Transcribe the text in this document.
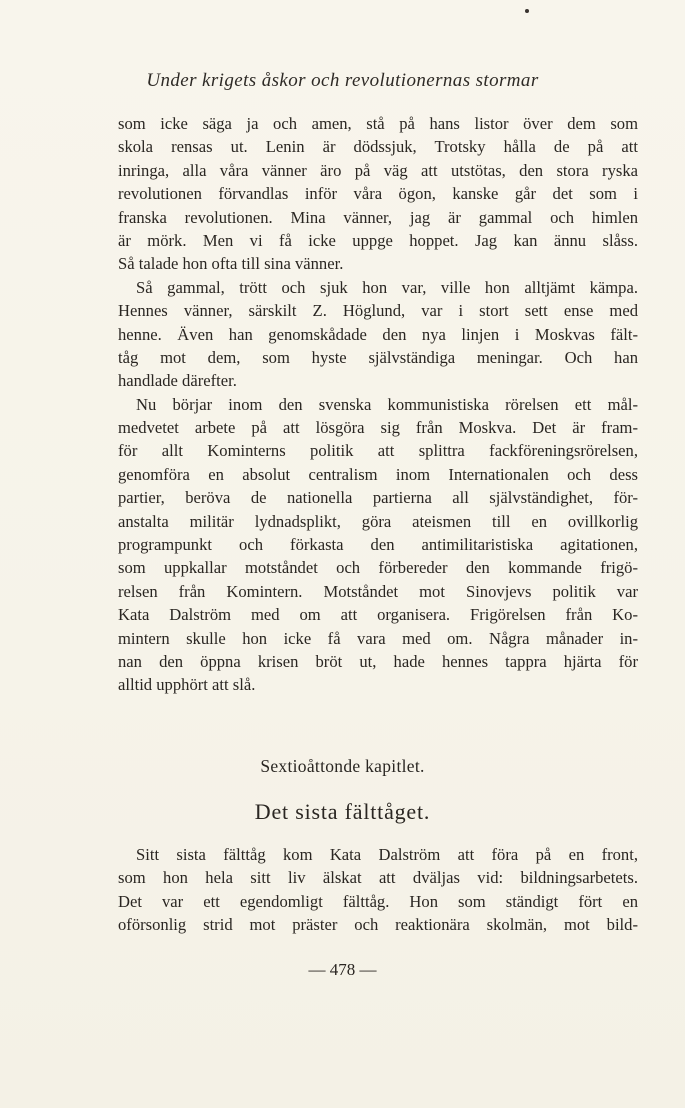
Under krigets åskor och revolutionernas stormar
som icke säga ja och amen, stå på hans listor över dem som
skola rensas ut. Lenin är dödssjuk, Trotsky hålla de på att
inringa, alla våra vänner äro på väg att utstötas, den stora ryska
revolutionen förvandlas inför våra ögon, kanske går det som i
franska revolutionen. Mina vänner, jag är gammal och himlen
är mörk. Men vi få icke uppge hoppet. Jag kan ännu slåss.
Så talade hon ofta till sina vänner.
Så gammal, trött och sjuk hon var, ville hon alltjämt kämpa.
Hennes vänner, särskilt Z. Höglund, var i stort sett ense med
henne. Även han genomskådade den nya linjen i Moskvas fält-
tåg mot dem, som hyste självständiga meningar. Och han
handlade därefter.
Nu börjar inom den svenska kommunistiska rörelsen ett mål-
medvetet arbete på att lösgöra sig från Moskva. Det är fram-
för allt Kominterns politik att splittra fackföreningsrörelsen,
genomföra en absolut centralism inom Internationalen och dess
partier, beröva de nationella partierna all självständighet, för-
anstalta militär lydnadsplikt, göra ateismen till en ovillkorlig
programpunkt och förkasta den antimilitaristiska agitationen,
som uppkallar motståndet och förbereder den kommande frigö-
relsen från Komintern. Motståndet mot Sinovjevs politik var
Kata Dalström med om att organisera. Frigörelsen från Ko-
mintern skulle hon icke få vara med om. Några månader in-
nan den öppna krisen bröt ut, hade hennes tappra hjärta för
alltid upphört att slå.
Sextioåttonde kapitlet.
Det sista fälttåget.
Sitt sista fälttåg kom Kata Dalström att föra på en front,
som hon hela sitt liv älskat att dväljas vid: bildningsarbetets.
Det var ett egendomligt fälttåg. Hon som ständigt fört en
oförsonlig strid mot präster och reaktionära skolmän, mot bild-
— 478 —
